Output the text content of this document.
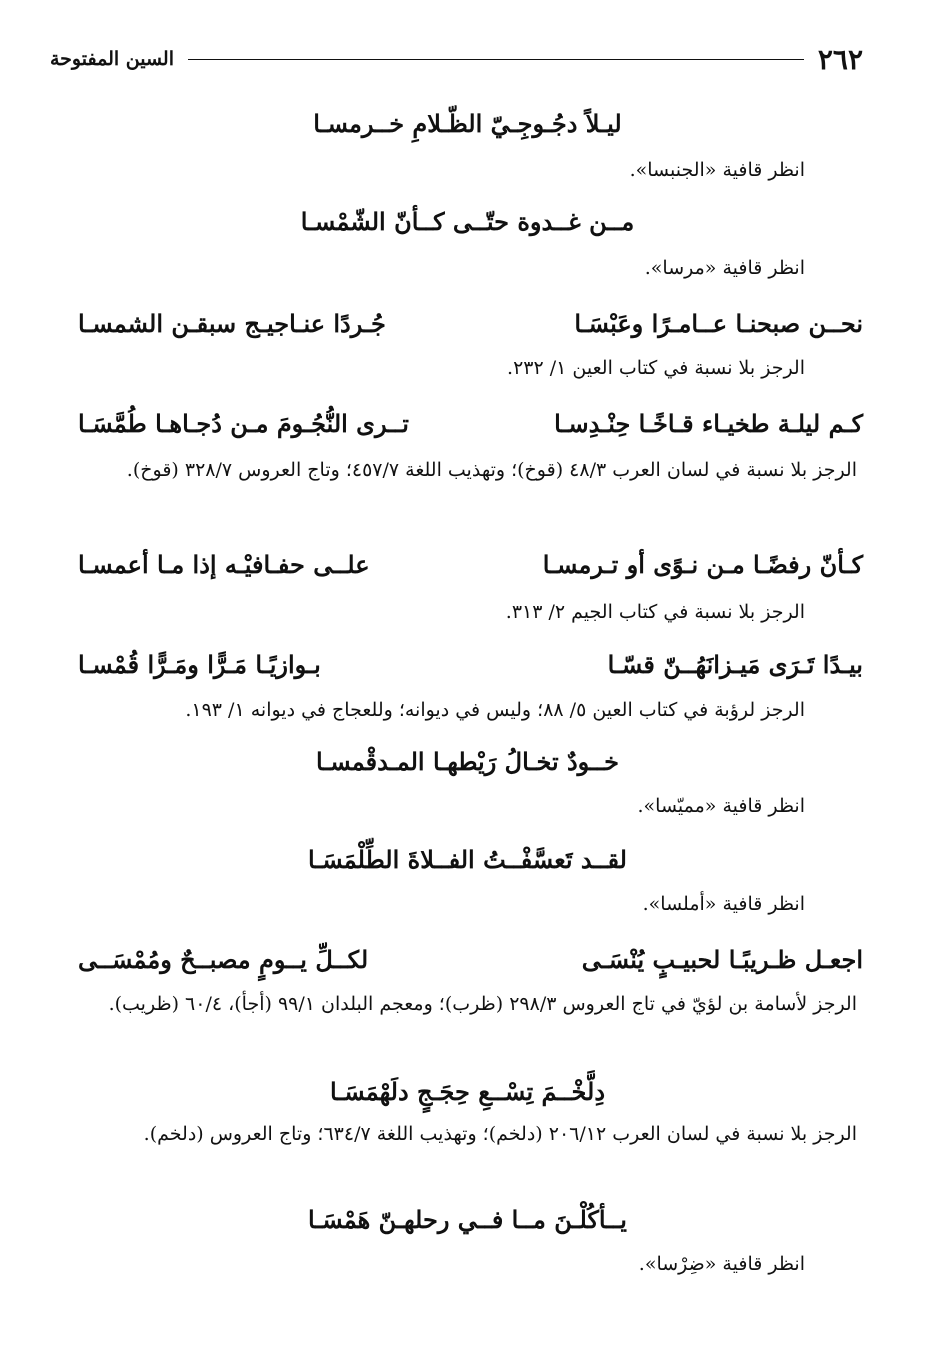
٢٦٢
السين المفتوحة
ليـلاً دجُـوجِـيّ الظّـلامِ خــرمسـا
انظر قافية «الجنبسا».
مــن غــدوة حتّــى كــأنّ الشّمْسـا
انظر قافية «مرسا».
نحــن صبحنـا عــامـرًا وعَبْسَـا
جُـردًا عنـاجيـج سبقـن الشمسـا
الرجز بلا نسبة في كتاب العين ١/ ٢٣٢.
كـم ليلـة طخيـاء قـاخًـا حِنْـدِسـا
تــرى النُّجُـومَ مـن دُجـاهـا طُمَّسَـا
الرجز بلا نسبة في لسان العرب ٤٨/٣ (قوخ)؛ وتهذيب اللغة ٤٥٧/٧؛ وتاج العروس ٣٢٨/٧ (قوخ).
كـأنّ رفضًـا مـن نـوًى أو تـرمسـا
علــى حفـافيْـه إذا مـا أعمسـا
الرجز بلا نسبة في كتاب الجيم ٢/ ٣١٣.
بيـدًا تَـرَى مَيـزانَهُــنّ قسّـا
بـوازيًـا مَـرًّا ومَـرًّا قُمْسـا
الرجز لرؤبة في كتاب العين ٥/ ٨٨؛ وليس في ديوانه؛ وللعجاج في ديوانه ١/ ١٩٣.
خــودٌ تخـالُ رَيْطهـا المـدقْمسـا
انظر قافية «مميّسا».
لقــد تَعسَّفْــتُ الفــلاةَ الطِّلْمَسَـا
انظر قافية «أملسا».
اجعـل ظـريبًـا لحبيـبٍ يُنْسَـى
لكــلِّ يــومٍ مصبــحٌ ومُمْسَــى
الرجز لأسامة بن لؤيّ في تاج العروس ٢٩٨/٣ (ظرب)؛ ومعجم البلدان ٩٩/١ (أجأ)، ٦٠/٤ (ظريب).
دِلَّخْــمَ تِسْــعِ حِجَـجٍ دلَهْمَسَـا
الرجز بلا نسبة في لسان العرب ٢٠٦/١٢ (دلخم)؛ وتهذيب اللغة ٦٣٤/٧؛ وتاج العروس (دلخم).
يــأكُلْـنَ مــا فــي رحلهـنّ هَمْسَـا
انظر قافية «ضِرْسا».
